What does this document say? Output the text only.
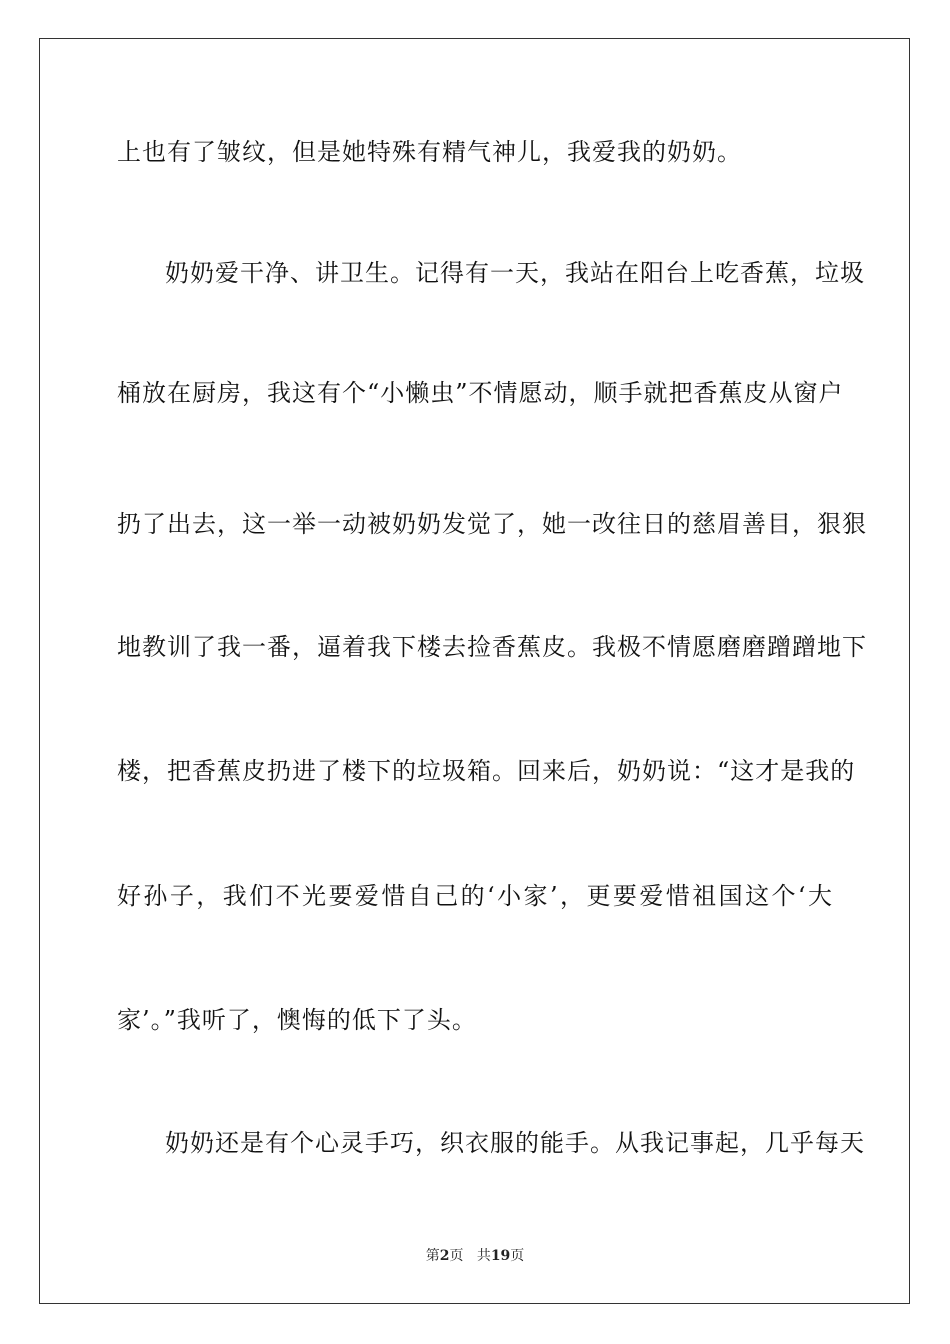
上也有了皱纹，但是她特殊有精气神儿，我爱我的奶奶。
奶奶爱干净、讲卫生。记得有一天，我站在阳台上吃香蕉，垃圾
桶放在厨房，我这有个“小懒虫”不情愿动，顺手就把香蕉皮从窗户
扔了出去，这一举一动被奶奶发觉了，她一改往日的慈眉善目，狠狠
地教训了我一番，逼着我下楼去捡香蕉皮。我极不情愿磨磨蹭蹭地下
楼，把香蕉皮扔进了楼下的垃圾箱。回来后，奶奶说：“这才是我的
好孙子，我们不光要爱惜自己的‘小家’，更要爱惜祖国这个‘大
家’。”我听了，懊悔的低下了头。
奶奶还是有个心灵手巧，织衣服的能手。从我记事起，几乎每天
第2页 共19页
